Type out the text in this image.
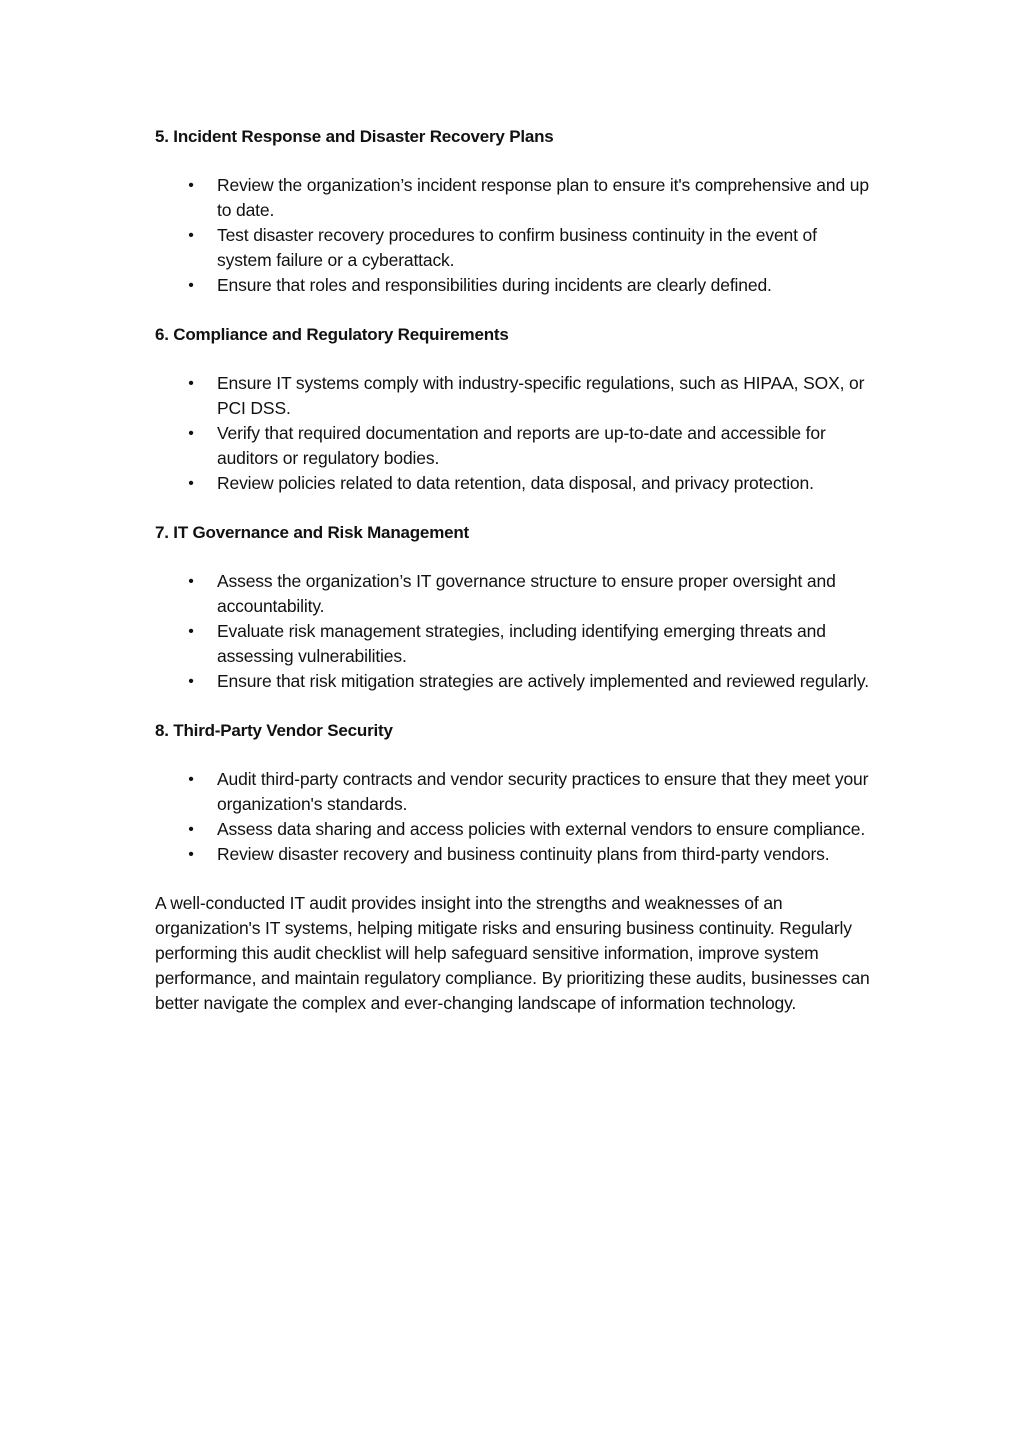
5. Incident Response and Disaster Recovery Plans
• Review the organization’s incident response plan to ensure it's comprehensive and up to date.
• Test disaster recovery procedures to confirm business continuity in the event of system failure or a cyberattack.
• Ensure that roles and responsibilities during incidents are clearly defined.
6. Compliance and Regulatory Requirements
• Ensure IT systems comply with industry-specific regulations, such as HIPAA, SOX, or PCI DSS.
• Verify that required documentation and reports are up-to-date and accessible for auditors or regulatory bodies.
• Review policies related to data retention, data disposal, and privacy protection.
7. IT Governance and Risk Management
• Assess the organization’s IT governance structure to ensure proper oversight and accountability.
• Evaluate risk management strategies, including identifying emerging threats and assessing vulnerabilities.
• Ensure that risk mitigation strategies are actively implemented and reviewed regularly.
8. Third-Party Vendor Security
• Audit third-party contracts and vendor security practices to ensure that they meet your organization's standards.
• Assess data sharing and access policies with external vendors to ensure compliance.
• Review disaster recovery and business continuity plans from third-party vendors.

A well-conducted IT audit provides insight into the strengths and weaknesses of an organization's IT systems, helping mitigate risks and ensuring business continuity. Regularly performing this audit checklist will help safeguard sensitive information, improve system performance, and maintain regulatory compliance. By prioritizing these audits, businesses can better navigate the complex and ever-changing landscape of information technology.
